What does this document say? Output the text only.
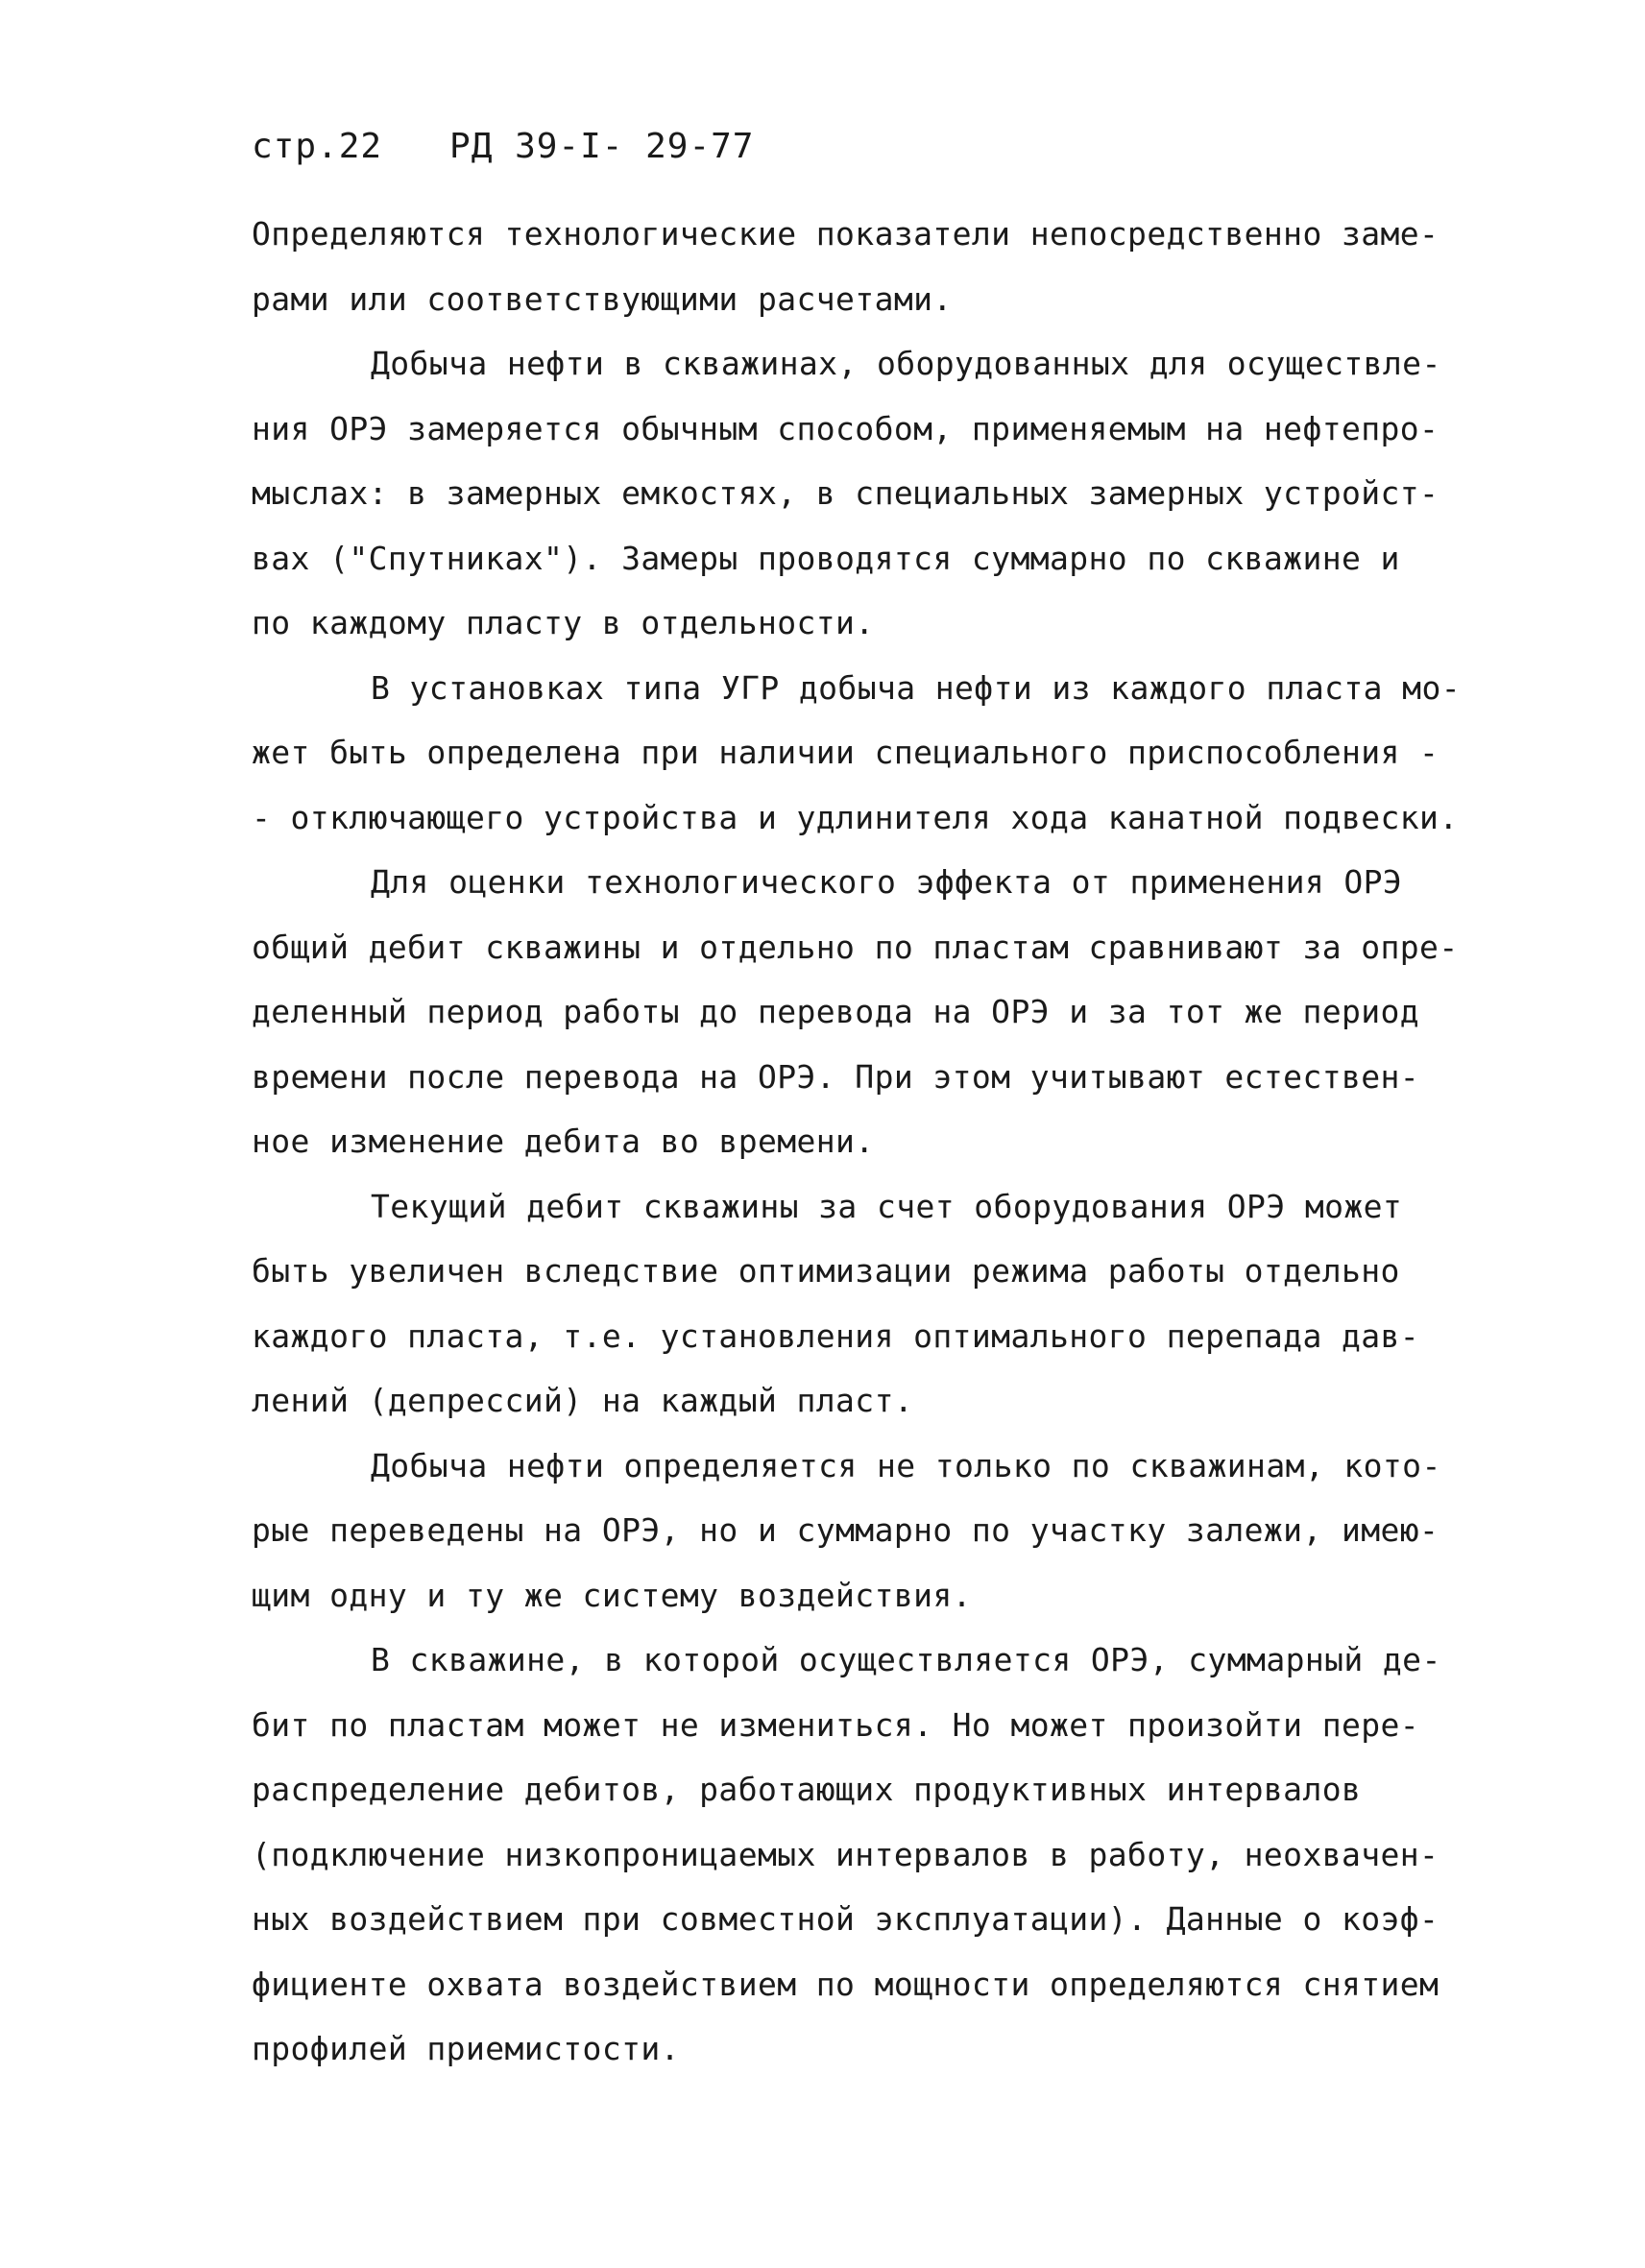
стр.22 РД 39-I- 29-77
Определяются технологические показатели непосредственно заме-
рами или соответствующими расчетами.
Добыча нефти в скважинах, оборудованных для осуществле-
ния ОРЭ замеряется обычным способом, применяемым на нефтепро-
мыслах: в замерных емкостях, в специальных замерных устройст-
вах ("Спутниках"). Замеры проводятся суммарно по скважине и
по каждому пласту в отдельности.
В установках типа УГР добыча нефти из каждого пласта мо-
жет быть определена при наличии специального приспособления -
- отключающего устройства и удлинителя хода канатной подвески.
Для оценки технологического эффекта от применения ОРЭ
общий дебит скважины и отдельно по пластам сравнивают за опре-
деленный период работы до перевода на ОРЭ и за тот же период
времени после перевода на ОРЭ. При этом учитывают естествен-
ное изменение дебита во времени.
Текущий дебит скважины за счет оборудования ОРЭ может
быть увеличен вследствие оптимизации режима работы отдельно
каждого пласта, т.е. установления оптимального перепада дав-
лений (депрессий) на каждый пласт.
Добыча нефти определяется не только по скважинам, кото-
рые переведены на ОРЭ, но и суммарно по участку залежи, имею-
щим одну и ту же систему воздействия.
В скважине, в которой осуществляется ОРЭ, суммарный де-
бит по пластам может не измениться. Но может произойти пере-
распределение дебитов, работающих продуктивных интервалов
(подключение низкопроницаемых интервалов в работу, неохвачен-
ных воздействием при совместной эксплуатации). Данные о коэф-
фициенте охвата воздействием по мощности определяются снятием
профилей приемистости.
